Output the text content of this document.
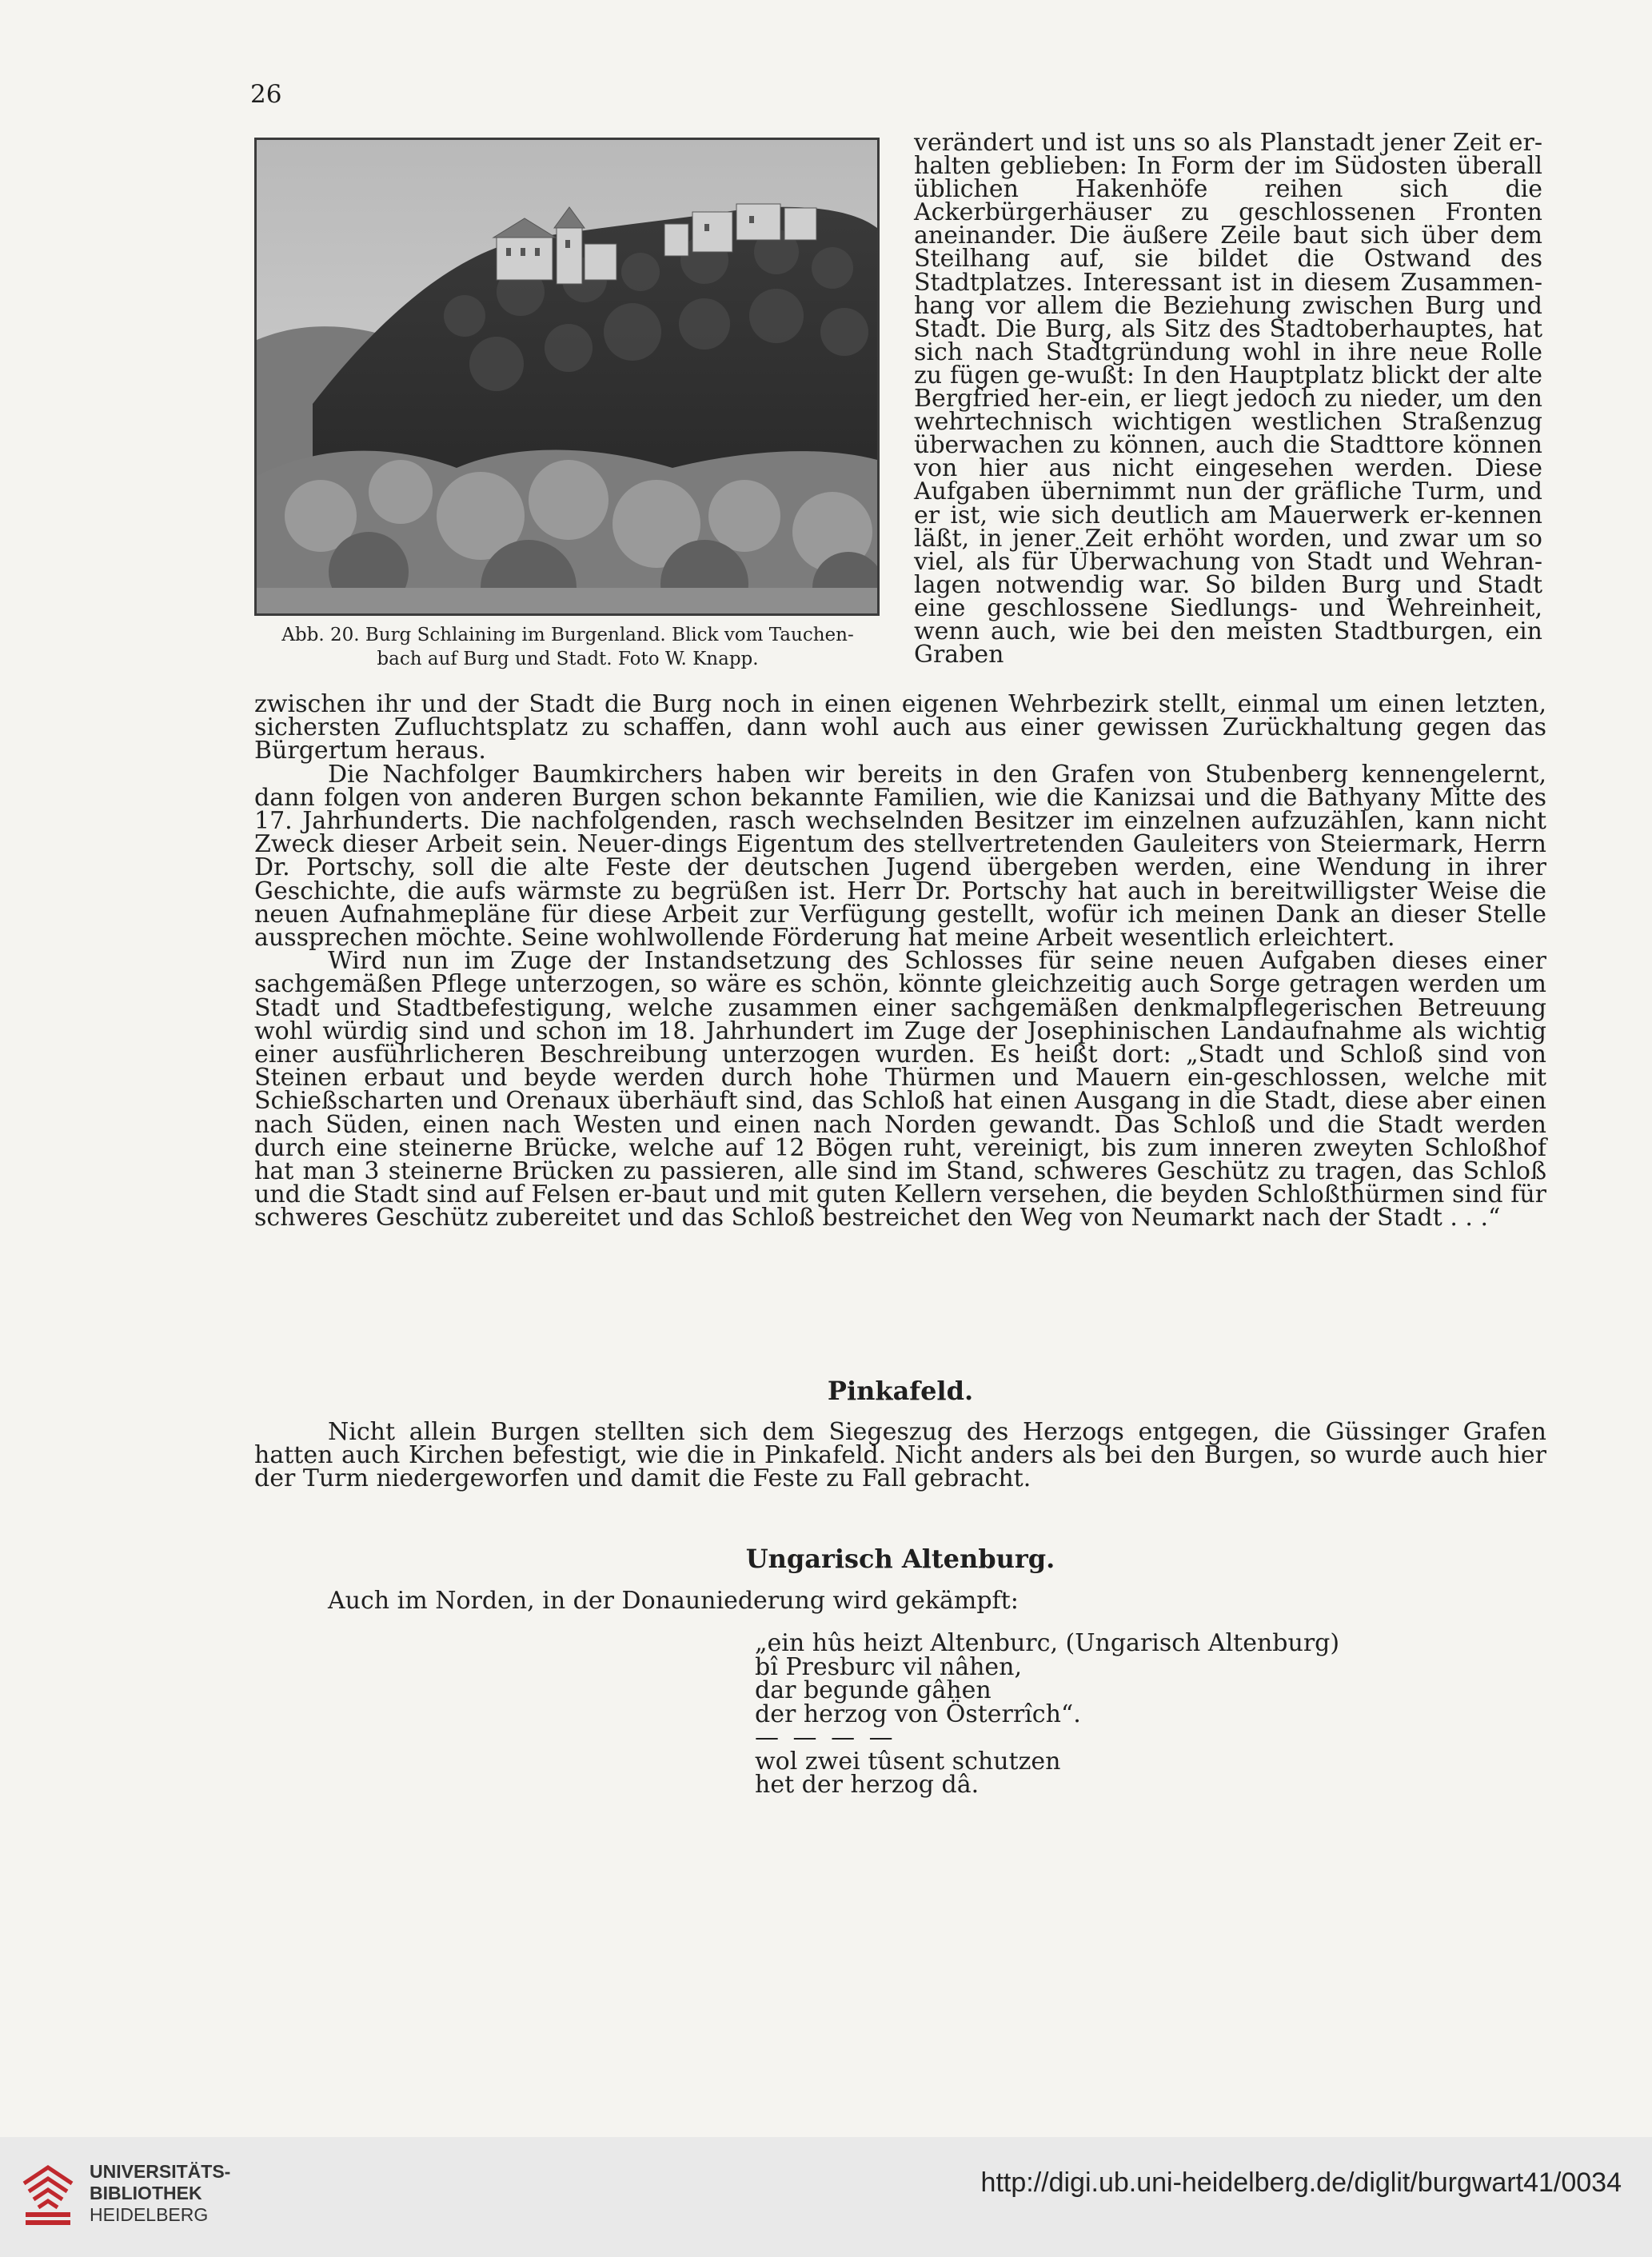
26
Abb. 20. Burg Schlaining im Burgenland. Blick vom Tauchen-
bach auf Burg und Stadt. Foto W. Knapp.

verändert und ist uns so als Planstadt jener Zeit er-halten geblieben: In Form der im Südosten überall üblichen Hakenhöfe reihen sich die Ackerbürgerhäuser zu geschlossenen Fronten aneinander. Die äußere Zeile baut sich über dem Steilhang auf, sie bildet die Ostwand des Stadtplatzes. Interessant ist in diesem Zusammen-hang vor allem die Beziehung zwischen Burg und Stadt. Die Burg, als Sitz des Stadtoberhauptes, hat sich nach Stadtgründung wohl in ihre neue Rolle zu fügen ge-wußt: In den Hauptplatz blickt der alte Bergfried her-ein, er liegt jedoch zu nieder, um den wehrtechnisch wichtigen westlichen Straßenzug überwachen zu können, auch die Stadttore können von hier aus nicht eingesehen werden. Diese Aufgaben übernimmt nun der gräfliche Turm, und er ist, wie sich deutlich am Mauerwerk er-kennen läßt, in jener Zeit erhöht worden, und zwar um so viel, als für Überwachung von Stadt und Wehran-lagen notwendig war. So bilden Burg und Stadt eine geschlossene Siedlungs- und Wehreinheit, wenn auch, wie bei den meisten Stadtburgen, ein Graben

zwischen ihr und der Stadt die Burg noch in einen eigenen Wehrbezirk stellt, einmal um einen letzten, sichersten Zufluchtsplatz zu schaffen, dann wohl auch aus einer gewissen Zurückhaltung gegen das Bürgertum heraus.

Die Nachfolger Baumkirchers haben wir bereits in den Grafen von Stubenberg kennengelernt, dann folgen von anderen Burgen schon bekannte Familien, wie die Kanizsai und die Bathyany Mitte des 17. Jahrhunderts. Die nachfolgenden, rasch wechselnden Besitzer im einzelnen aufzuzählen, kann nicht Zweck dieser Arbeit sein. Neuer-dings Eigentum des stellvertretenden Gauleiters von Steiermark, Herrn Dr. Portschy, soll die alte Feste der deutschen Jugend übergeben werden, eine Wendung in ihrer Geschichte, die aufs wärmste zu begrüßen ist. Herr Dr. Portschy hat auch in bereitwilligster Weise die neuen Aufnahmepläne für diese Arbeit zur Verfügung gestellt, wofür ich meinen Dank an dieser Stelle aussprechen möchte. Seine wohlwollende Förderung hat meine Arbeit wesentlich erleichtert.

Wird nun im Zuge der Instandsetzung des Schlosses für seine neuen Aufgaben dieses einer sachgemäßen Pflege unterzogen, so wäre es schön, könnte gleichzeitig auch Sorge getragen werden um Stadt und Stadtbefestigung, welche zusammen einer sachgemäßen denkmalpflegerischen Betreuung wohl würdig sind und schon im 18. Jahrhundert im Zuge der Josephinischen Landaufnahme als wichtig einer ausführlicheren Beschreibung unterzogen wurden. Es heißt dort: „Stadt und Schloß sind von Steinen erbaut und beyde werden durch hohe Thürmen und Mauern ein-geschlossen, welche mit Schießscharten und Orenaux überhäuft sind, das Schloß hat einen Ausgang in die Stadt, diese aber einen nach Süden, einen nach Westen und einen nach Norden gewandt. Das Schloß und die Stadt werden durch eine steinerne Brücke, welche auf 12 Bögen ruht, vereinigt, bis zum inneren zweyten Schloßhof hat man 3 steinerne Brücken zu passieren, alle sind im Stand, schweres Geschütz zu tragen, das Schloß und die Stadt sind auf Felsen er-baut und mit guten Kellern versehen, die beyden Schloßthürmen sind für schweres Geschütz zubereitet und das Schloß bestreichet den Weg von Neumarkt nach der Stadt . . .“

Pinkafeld.

Nicht allein Burgen stellten sich dem Siegeszug des Herzogs entgegen, die Güssinger Grafen hatten auch Kirchen befestigt, wie die in Pinkafeld. Nicht anders als bei den Burgen, so wurde auch hier der Turm niedergeworfen und damit die Feste zu Fall gebracht.

Ungarisch Altenburg.

Auch im Norden, in der Donauniederung wird gekämpft:

„ein hûs heizt Altenburc, (Ungarisch Altenburg)
bî Presburc vil nâhen,
dar begunde gâhen
der herzog von Österrîch“.
— — — —
wol zwei tûsent schutzen
het der herzog dâ.
UNIVERSITÄTS-
BIBLIOTHEK
HEIDELBERG
http://digi.ub.uni-heidelberg.de/diglit/burgwart41/0034
